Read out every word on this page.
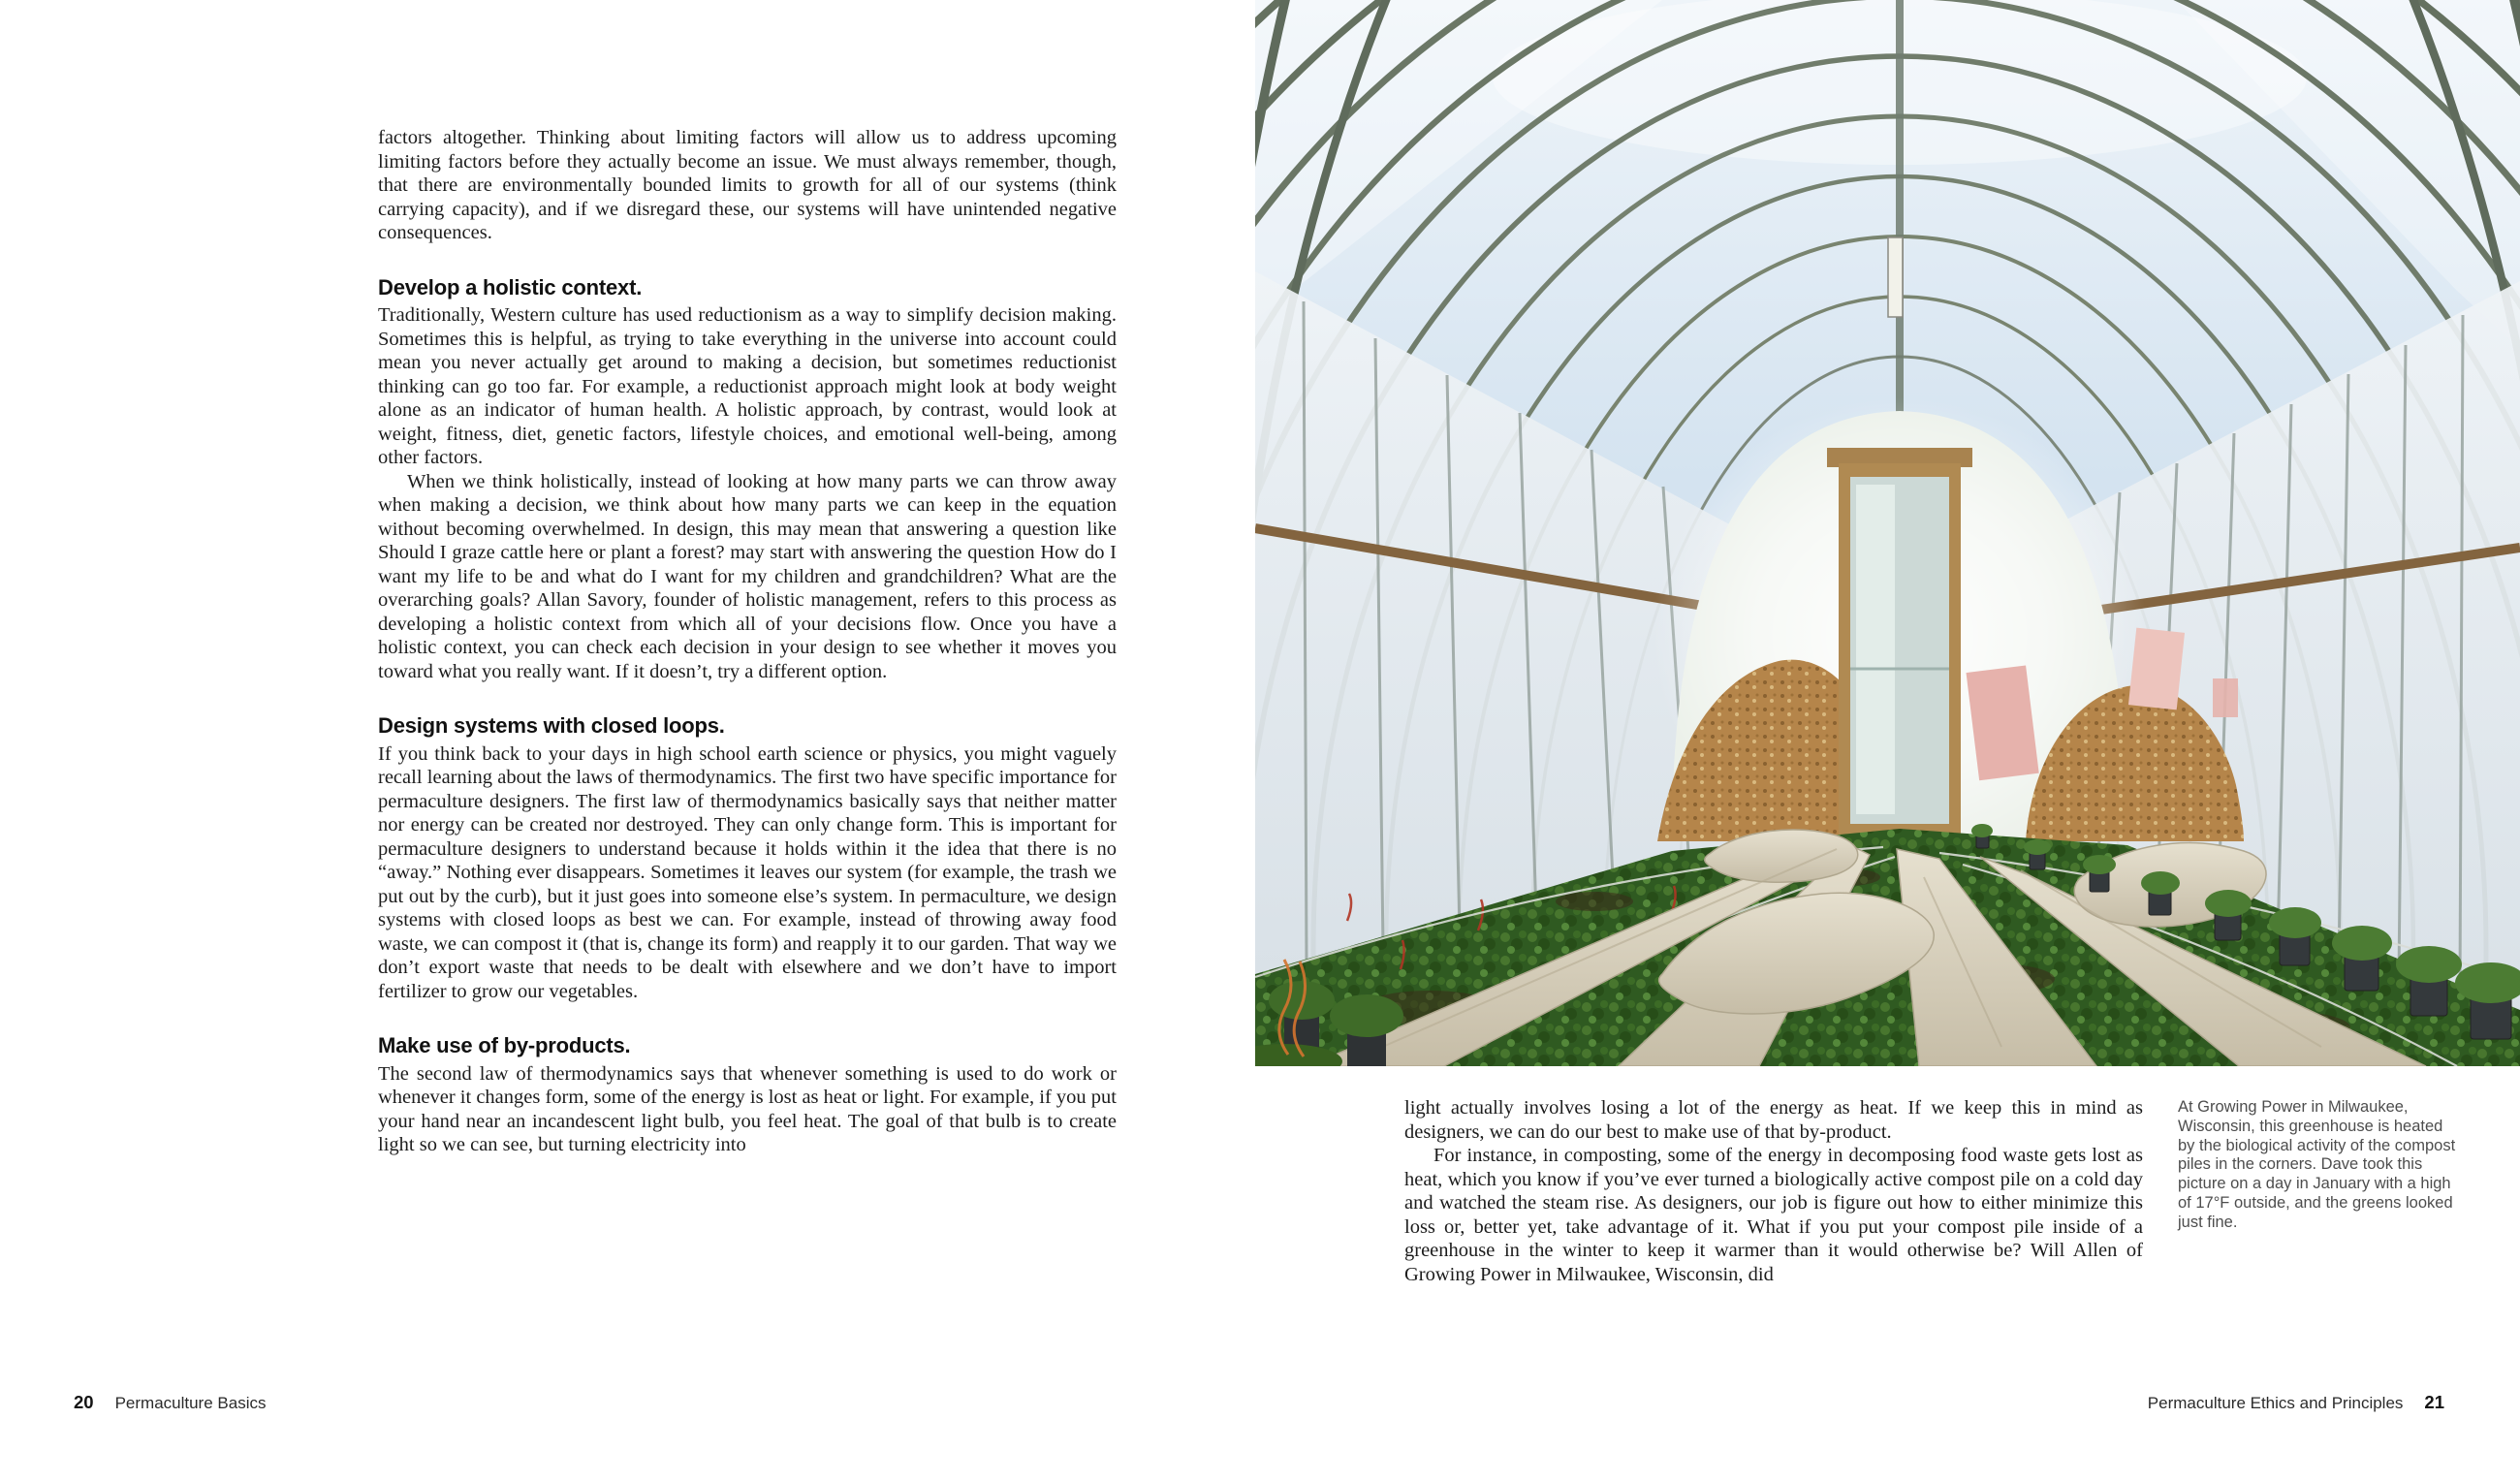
factors altogether. Thinking about limiting factors will allow us to address upcoming limiting factors before they actually become an issue. We must always remember, though, that there are environmentally bounded limits to growth for all of our systems (think carrying capacity), and if we disregard these, our systems will have unintended negative consequences.

Develop a holistic context.

Traditionally, Western culture has used reductionism as a way to simplify decision making. Sometimes this is helpful, as trying to take everything in the universe into account could mean you never actually get around to making a decision, but sometimes reductionist thinking can go too far. For example, a reductionist approach might look at body weight alone as an indicator of human health. A holistic approach, by contrast, would look at weight, fitness, diet, genetic factors, lifestyle choices, and emotional well-being, among other factors.

When we think holistically, instead of looking at how many parts we can throw away when making a decision, we think about how many parts we can keep in the equation without becoming overwhelmed. In design, this may mean that answering a question like Should I graze cattle here or plant a forest? may start with answering the question How do I want my life to be and what do I want for my children and grandchildren? What are the overarching goals? Allan Savory, founder of holistic management, refers to this process as developing a holistic context from which all of your decisions flow. Once you have a holistic context, you can check each decision in your design to see whether it moves you toward what you really want. If it doesn’t, try a different option.

Design systems with closed loops.

If you think back to your days in high school earth science or physics, you might vaguely recall learning about the laws of thermodynamics. The first two have specific importance for permaculture designers. The first law of thermodynamics basically says that neither matter nor energy can be created nor destroyed. They can only change form. This is important for permaculture designers to understand because it holds within it the idea that there is no “away.” Nothing ever disappears. Sometimes it leaves our system (for example, the trash we put out by the curb), but it just goes into someone else’s system. In permaculture, we design systems with closed loops as best we can. For example, instead of throwing away food waste, we can compost it (that is, change its form) and reapply it to our garden. That way we don’t export waste that needs to be dealt with elsewhere and we don’t have to import fertilizer to grow our vegetables.

Make use of by-products.

The second law of thermodynamics says that whenever something is used to do work or whenever it changes form, some of the energy is lost as heat or light. For example, if you put your hand near an incandescent light bulb, you feel heat. The goal of that bulb is to create light so we can see, but turning electricity into

20 Permaculture Basics

light actually involves losing a lot of the energy as heat. If we keep this in mind as designers, we can do our best to make use of that by-product.

For instance, in composting, some of the energy in decomposing food waste gets lost as heat, which you know if you’ve ever turned a biologically active compost pile on a cold day and watched the steam rise. As designers, our job is figure out how to either minimize this loss or, better yet, take advantage of it. What if you put your compost pile inside of a greenhouse in the winter to keep it warmer than it would otherwise be? Will Allen of Growing Power in Milwaukee, Wisconsin, did

At Growing Power in Milwaukee, Wisconsin, this greenhouse is heated by the biological activity of the compost piles in the corners. Dave took this picture on a day in January with a high of 17°F outside, and the greens looked just fine.
Permaculture Ethics and Principles 21
